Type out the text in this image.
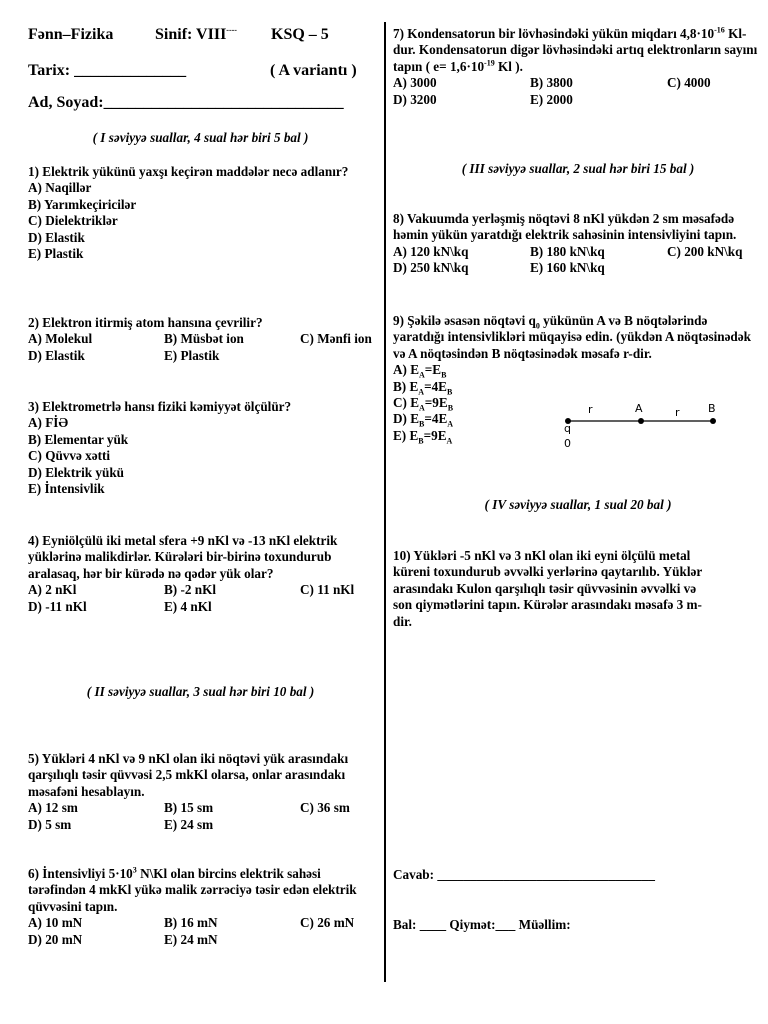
Fənn–Fizika	Sinif: VIII---- KSQ – 5
Tarix: ______________	( A variantı )
Ad, Soyad:______________________________
( I səviyyə suallar, 4 sual hər biri 5 bal )
1) Elektrik yükünü yaxşı keçirən maddələr necə adlanır?
A) Naqillər
B) Yarımkeçiricilər
C) Dielektriklər
D) Elastik
E) Plastik
2) Elektron itirmiş atom hansına çevrilir?
A) Molekul	B) Müsbət ion	C) Mənfi ion
D) Elastik	E) Plastik
3) Elektrometrlə hansı fiziki kəmiyyət ölçülür?
A) FİƏ
B) Elementar yük
C) Qüvvə xətti
D) Elektrik yükü
E) İntensivlik
4) Eyniölçülü iki metal sfera +9 nKl və -13 nKl elektrik yüklərinə malikdirlər. Kürələri bir-birinə toxundurub aralasaq, hər bir kürədə nə qədər yük olar?
A) 2 nKl	B) -2 nKl	C) 11 nKl
D) -11 nKl	E) 4 nKl
( II səviyyə suallar, 3 sual hər biri 10 bal )
5) Yükləri 4 nKl və 9 nKl olan iki nöqtəvi yük arasındakı qarşılıqlı təsir qüvvəsi 2,5 mkKl olarsa, onlar arasındakı məsafəni hesablayın.
A) 12 sm	B) 15 sm	C) 36 sm
D) 5 sm	E) 24 sm
6) İntensivliyi $5\cdot 10^3$ N\Kl olan bircins elektrik sahəsi tərəfindən 4 mkKl yükə malik zərrəciyə təsir edən elektrik qüvvəsini tapın.
A) 10 mN	B) 16 mN	C) 26 mN
D) 20 mN	E) 24 mN
7) Kondensatorun bir lövhəsindəki yükün miqdarı $4,8\cdot 10^{-16}$ Kl-dur. Kondensatorun digər lövhəsindəki artıq elektronların sayını tapın ( $e= 1,6\cdot 10^{-19}$ Kl ).
A) 3000	B) 3800	C) 4000
D) 3200	E) 2000
( III səviyyə suallar, 2 sual hər biri 15 bal )
8) Vakuumda yerləşmiş nöqtəvi 8 nKl yükdən 2 sm məsafədə həmin yükün yaratdığı elektrik sahəsinin intensivliyini tapın.
A) 120 kN\kq	B) 180 kN\kq	C) 200 kN\kq
D) 250 kN\kq	E) 160 kN\kq
9) Şəkilə əsasən nöqtəvi $q_0$ yükünün A və B nöqtələrində yaratdığı intensivlikləri müqayisə edin. (yükdən A nöqtəsinədək və A nöqtəsindən B nöqtəsinədək məsafə r-dir.
A) $E_A=E_B$
B) $E_A=4E_B$
C) $E_A=9E_B$
D) $E_B=4E_A$
E) $E_B=9E_A$
r	A	r	B
q
0
( IV səviyyə suallar, 1 sual 20 bal )
10) Yükləri -5 nKl və 3 nKl olan iki eyni ölçülü metal küreni toxundurub əvvəlki yerlərinə qaytarılıb. Yüklər arasındakı Kulon qarşılıqlı təsir qüvvəsinin əvvəlki və son qiymətlərini tapın. Kürələr arasındakı məsafə 3 m-dir.
Cavab: _________________________________
Bal: ____ Qiymət:___ Müəllim:
